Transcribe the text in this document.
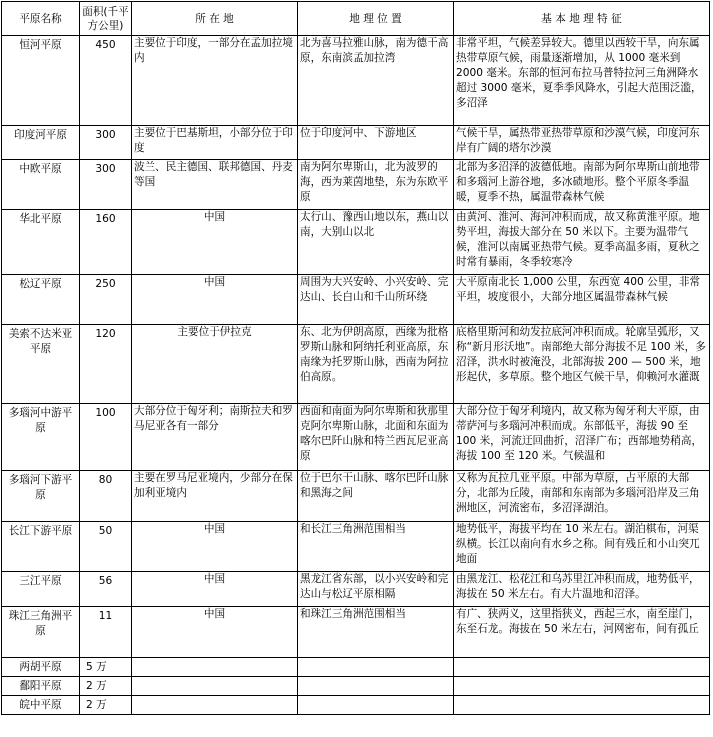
平原名称	面积(千平方公里)	所 在 地	地 理 位 置	基 本 地 理 特 征
恒河平原	450	主要位于印度，一部分在孟加拉境内	北为喜马拉雅山脉，南为德干高原，东南滨孟加拉湾	非常平坦，气候差异较大。德里以西较干旱，向东属热带草原气候，雨量逐渐增加，从 1000 毫米到 2000 毫米。东部的恒河布拉马普特拉河三角洲降水超过 3000 毫米，夏季季风降水，引起大范围泛滥，多沼泽
印度河平原	300	主要位于巴基斯坦，小部分位于印度	位于印度河中、下游地区	气候干旱，属热带亚热带草原和沙漠气候，印度河东岸有广阔的塔尔沙漠
中欧平原	300	波兰、民主德国、联邦德国、丹麦等国	南为阿尔卑斯山，北为波罗的海，西为莱茵地垫，东为东欧平原	北部为多沼泽的波德低地。南部为阿尔卑斯山前地带和多瑙河上游谷地，多冰碛地形。整个平原冬季温暖，夏季不热，属温带森林气候
华北平原	160	中国	太行山、豫西山地以东，燕山以南，大别山以北	由黄河、淮河、海河冲积而成，故又称黄淮平原。地势平坦，海拔大部分在 50 米以下。主要为温带气候，淮河以南属亚热带气候。夏季高温多雨，夏秋之时常有暴雨，冬季较寒冷
松辽平原	250	中国	周围为大兴安岭、小兴安岭、完达山、长白山和千山所环绕	大平原南北长 1,000 公里，东西宽 400 公里，非常平坦，坡度很小，大部分地区属温带森林气候
美索不达米亚平原	120	主要位于伊拉克	东、北为伊朗高原，西缘为批格罗斯山脉和阿纳托利亚高原，东南缘为托罗斯山脉，西南为阿拉伯高原。	底格里斯河和幼发拉底河冲积而成。轮廓呈弧形，又称“新月形沃地”。南部绝大部分海拔不足 100 米，多沼泽，洪水时被淹没，北部海拔 200 — 500 米，地形起伏，多草原。整个地区气候干旱，仰赖河水灌溉
多瑙河中游平原	100	大部分位于匈牙利；南斯拉夫和罗马尼亚各有一部分	西面和南面为阿尔卑斯和狄那里克阿尔卑斯山脉，北面和东面为喀尔巴阡山脉和特兰西瓦尼亚高原	大部分位于匈牙利境内，故又称为匈牙利大平原，由蒂萨河与多瑙河冲积而成。东部低平，海拔 90 至 100 米，河流迂回曲折，沼泽广布；西部地势稍高，海拔 100 至 120 米。气候温和
多瑙河下游平原	80	主要在罗马尼亚境内，少部分在保加利亚境内	位于巴尔干山脉、喀尔巴阡山脉和黑海之间	又称为瓦拉几亚平原。中部为草原，占平原的大部分，北部为丘陵，南部和东南部为多瑙河沿岸及三角洲地区，河流密布，多沼泽湖泊。
长江下游平原	50	中国	和长江三角洲范围相当	地势低平，海拔平均在 10 米左右。湖泊棋布，河渠纵横。长江以南向有水乡之称。间有残丘和小山突兀地面
三江平原	56	中国	黑龙江省东部，以小兴安岭和完达山与松辽平原相隔	由黑龙江、松花江和乌苏里江冲积而成，地势低平，海拔在 50 米左右。有大片温地和沼泽。
珠江三角洲平原	11	中国	和珠江三角洲范围相当	有广、狭两义，这里指狭义，西起三水，南至崖门，东至石龙。海拔在 50 米左右，河网密布，间有孤丘
两胡平原	5 万			
鄱阳平原	2 万			
皖中平原	2 万			
